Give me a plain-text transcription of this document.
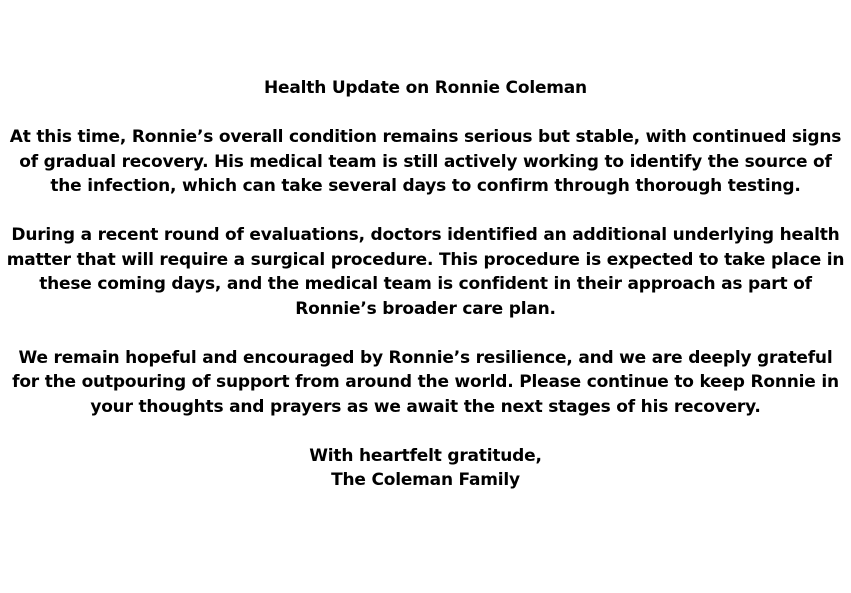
Health Update on Ronnie Coleman
At this time, Ronnie’s overall condition remains serious but stable, with continued signs
of gradual recovery. His medical team is still actively working to identify the source of
the infection, which can take several days to confirm through thorough testing.
During a recent round of evaluations, doctors identified an additional underlying health
matter that will require a surgical procedure. This procedure is expected to take place in
these coming days, and the medical team is confident in their approach as part of
Ronnie’s broader care plan.
We remain hopeful and encouraged by Ronnie’s resilience, and we are deeply grateful
for the outpouring of support from around the world. Please continue to keep Ronnie in
your thoughts and prayers as we await the next stages of his recovery.
With heartfelt gratitude,
The Coleman Family
